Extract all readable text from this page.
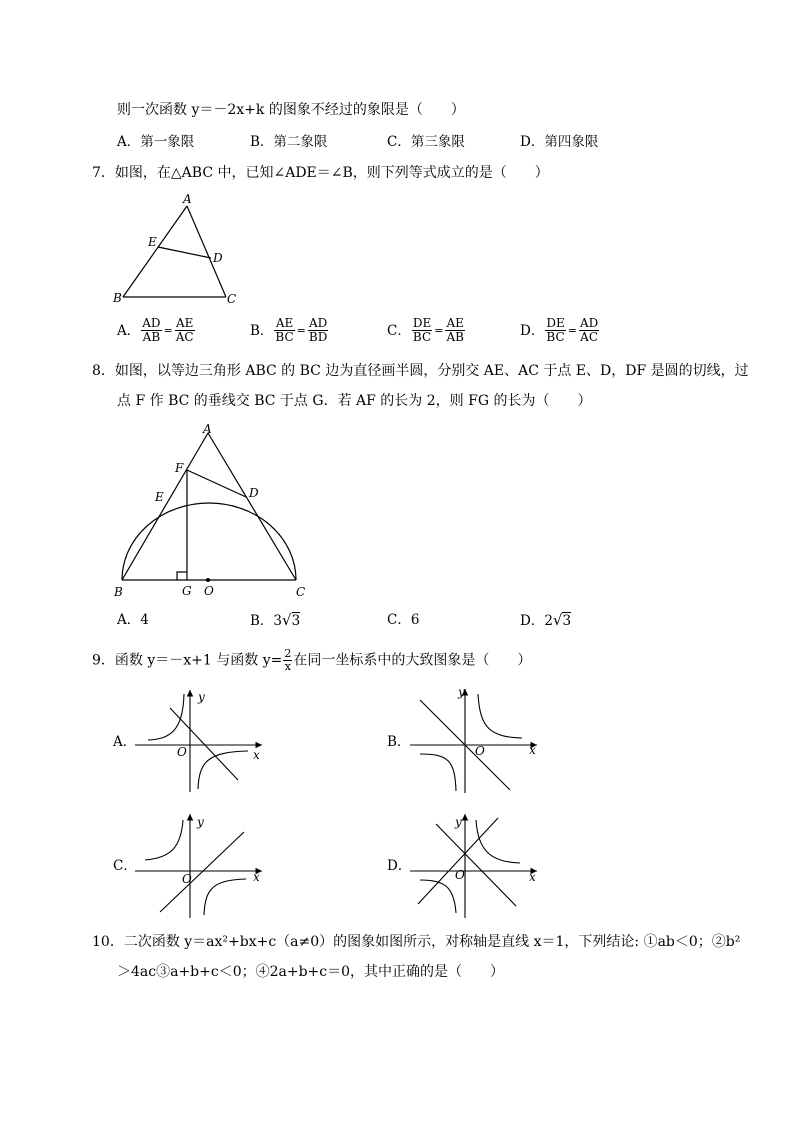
则一次函数 y＝－2x+k 的图象不经过的象限是（　　）
A．第一象限	B．第二象限	C．第三象限	D．第四象限
7．如图，在△ABC 中，已知∠ADE＝∠B，则下列等式成立的是（　　）
A
E
D
B	C
A． $\frac{AD}{AB} = \frac{AE}{AC}$	B． $\frac{AE}{BC} = \frac{AD}{BD}$	C． $\frac{DE}{BC} = \frac{AE}{AB}$	D． $\frac{DE}{BC} = \frac{AD}{AC}$
8．如图，以等边三角形 ABC 的 BC 边为直径画半圆，分别交 AE、AC 于点 E、D，DF 是圆的切线，过
点 F 作 BC 的垂线交 BC 于点 G．若 AF 的长为 2，则 FG 的长为（　　）
A
F
E	D
B	G O	C
A．4	B．3√3	C．6	D．2√3
9．函数 y＝－x+1 与函数 $y= \frac{2}{x}$ 在同一坐标系中的大致图象是（　　）
A．
y
x
O
B．
y
x
O
C．
y
x
O
D．
y
x
O
10．二次函数 y＝ax²+bx+c（a≠0）的图象如图所示，对称轴是直线 x＝1，下列结论: ①ab＜0；②b²
＞4ac③a+b+c＜0；④2a+b+c＝0，其中正确的是（　　）
